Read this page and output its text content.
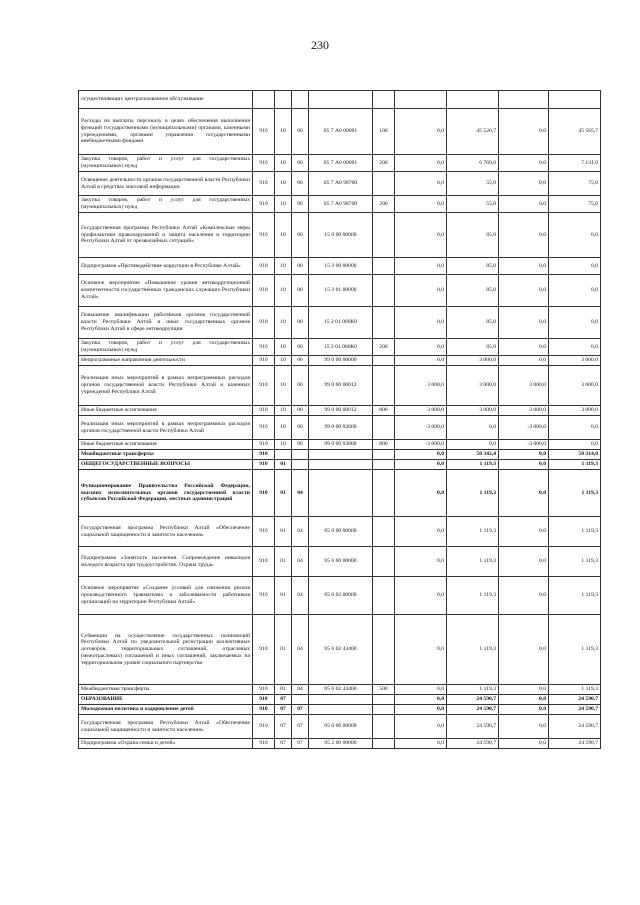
230
осуществляющих централизованное обслуживание									
Расходы на выплаты персоналу в целях обеспечения выполнения функций государственными (муниципальными) органами, казенными учреждениями, органами управления государственными внебюджетными фондами	910	10	06	05 7 А0 00001	100	0,0	45 520,7	0,0	45 565,7
Закупка товаров, работ и услуг для государственных (муниципальных) нужд	910	10	06	05 7 А0 00001	200	0,0	6 769,0	0,0	7 131,0
Освещение деятельности органов государственной власти Республики Алтай в средствах массовой информации	910	10	06	05 7 А0 98700		0,0	55,0	0,0	75,0
Закупка товаров, работ и услуг для государственных (муниципальных) нужд	910	10	06	05 7 А0 98700	200	0,0	55,0	0,0	75,0
Государственная программа Республики Алтай «Комплексные меры профилактики правонарушений и защита населения и территории Республики Алтай от чрезвычайных ситуаций»	910	10	06	15 0 00 00000		0,0	85,0	0,0	0,0
Подпрограмма «Противодействие коррупции в Республике Алтай»	910	10	06	15 2 00 00000		0,0	85,0	0,0	0,0
Основное мероприятие «Повышение уровня антикоррупционной компетентности государственных гражданских служащих Республики Алтай»	910	10	06	15 2 01 00000		0,0	85,0	0,0	0,0
Повышение квалификации работников органов государственной власти Республики Алтай и иных государственных органов Республики Алтай в сфере антикоррупции	910	10	06	15 2 01 000К0		0,0	85,0	0,0	0,0
Закупка товаров, работ и услуг для государственных (муниципальных) нужд	910	10	06	15 2 01 000К0	200	0,0	85,0	0,0	0,0
Непрограммные направления деятельности	910	10	06	99 0 00 00000		0,0	3 000,0	0,0	3 000,0
Реализация иных мероприятий в рамках непрограммных расходов органов государственной власти Республики Алтай и казенных учреждений Республики Алтай	910	10	06	99 0 00 00012		3 000,0	3 000,0	3 000,0	3 000,0
Иные бюджетные ассигнования	910	10	06	99 0 00 00012	800	3 000,0	3 000,0	3 000,0	3 000,0
Реализация иных мероприятий в рамках непрограммных расходов органов государственной власти Республики Алтай	910	10	06	99 0 00 03000		-3 000,0	0,0	-3 000,0	0,0
Иные бюджетные ассигнования	910	10	06	99 0 00 03000	800	-3 000,0	0,0	-3 000,0	0,0
Межбюджетные трансферты	910					0,0	50 342,4	0,0	50 314,0
ОБЩЕГОСУДАРСТВЕННЫЕ ВОПРОСЫ	910	01				0,0	1 119,3	0,0	1 119,3
Функционирование Правительства Российской Федерации, высших исполнительных органов государственной власти субъектов Российской Федерации, местных администраций	910	01	04			0,0	1 119,3	0,0	1 119,3
Государственная программа Республики Алтай «Обеспечение социальной защищенности и занятости населения»	910	01	04	05 0 00 00000		0,0	1 119,3	0,0	1 119,3
Подпрограмма «Занятость населения. Сопровождение инвалидов молодого возраста при трудоустройстве. Охрана труда»	910	01	04	05 6 00 00000		0,0	1 119,3	0,0	1 119,3
Основное мероприятие «Создание условий для снижения рисков производственного травматизма и заболеваемости работников организаций на территории Республики Алтай»	910	01	04	05 6 02 00000		0,0	1 119,3	0,0	1 119,3
Субвенции на осуществление государственных полномочий Республики Алтай по уведомительной регистрации коллективных договоров, территориальных соглашений, отраслевых (межотраслевых) соглашений и иных соглашений, заключаемых на территориальном уровне социального партнерства	910	01	04	05 6 02 43400		0,0	1 119,3	0,0	1 119,3
Межбюджетные трансферты	910	01	04	05 6 02 43400	500	0,0	1 119,3	0,0	1 119,3
ОБРАЗОВАНИЕ	910	07				0,0	24 590,7	0,0	24 590,7
Молодежная политика и оздоровление детей	910	07	07			0,0	24 590,7	0,0	24 590,7
Государственная программа Республики Алтай «Обеспечение социальной защищенности и занятости населения»	910	07	07	05 0 00 00000		0,0	24 590,7	0,0	24 590,7
Подпрограмма «Охрана семьи и детей»	910	07	07	05 2 00 00000		0,0	24 590,7	0,0	24 590,7
